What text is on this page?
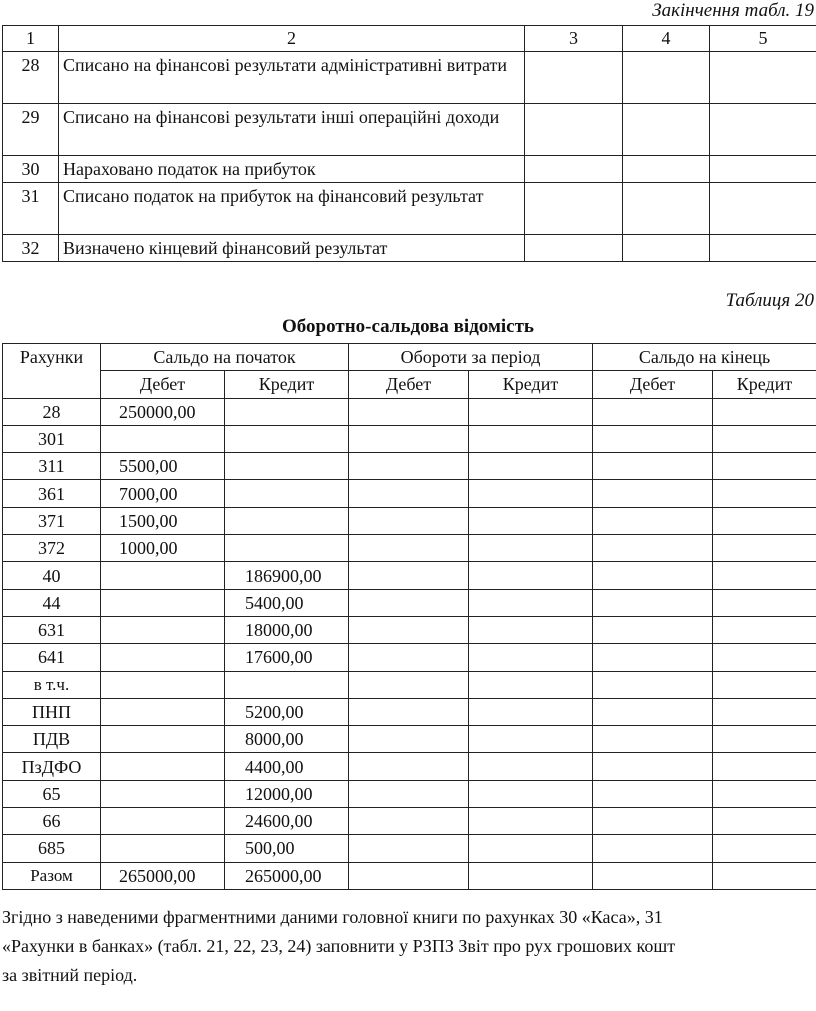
Закінчення табл. 19
1	2	3	4	5
28	Списано на фінансові результати адміністративні витрати			
29	Списано на фінансові результати інші операційні доходи			
30	Нараховано податок на прибуток			
31	Списано податок на прибуток на фінансовий результат			
32	Визначено кінцевий фінансовий результат			
Таблиця 20
Оборотно-сальдова відомість
Рахунки	Сальдо на початок		Обороти за період		Сальдо на кінець	
	Дебет	Кредит	Дебет	Кредит	Дебет	Кредит
28	250000,00					
301						
311	5500,00					
361	7000,00					
371	1500,00					
372	1000,00					
40		186900,00				
44		5400,00				
631		18000,00				
641		17600,00				
в т.ч.						
ПНП		5200,00				
ПДВ		8000,00				
ПзДФО		4400,00				
65		12000,00				
66		24600,00				
685		500,00				
Разом	265000,00	265000,00				
Згідно з наведеними фрагментними даними головної книги по рахунках 30 «Каса», 31
«Рахунки в банках» (табл. 21, 22, 23, 24) заповнити у РЗПЗ Звіт про рух грошових кошт
за звітний період.
